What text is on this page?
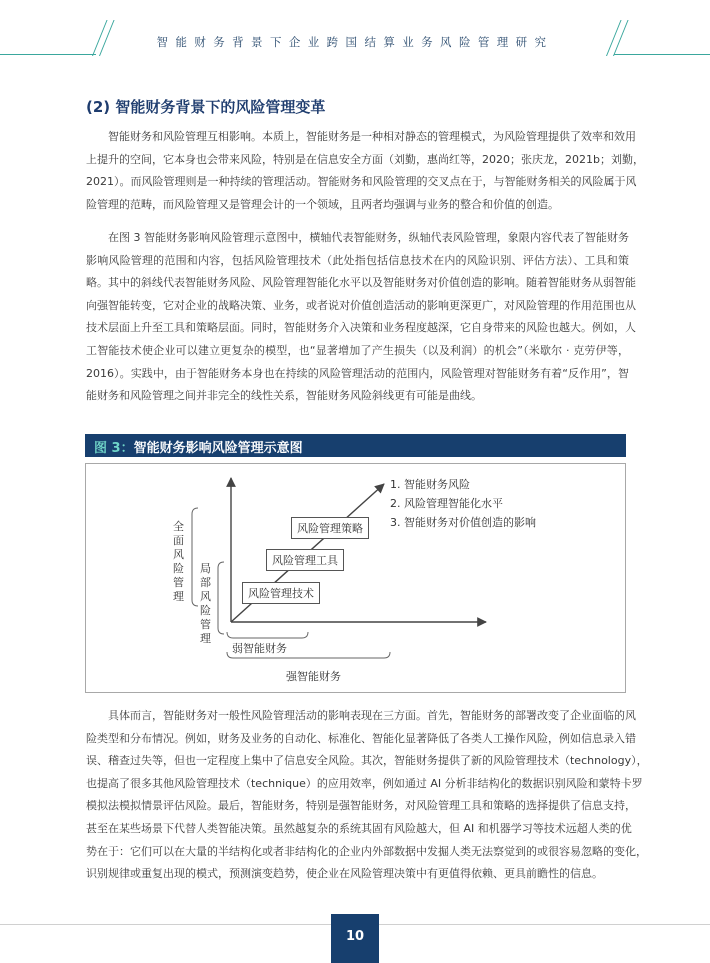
智能财务背景下企业跨国结算业务风险管理研究
(2) 智能财务背景下的风险管理变革
智能财务和风险管理互相影响。本质上，智能财务是一种相对静态的管理模式，为风险管理提供了效率和效用
上提升的空间，它本身也会带来风险，特别是在信息安全方面（刘勤，惠尚红等，2020；张庆龙，2021b；刘勤，
2021）。而风险管理则是一种持续的管理活动。智能财务和风险管理的交叉点在于，与智能财务相关的风险属于风
险管理的范畴，而风险管理又是管理会计的一个领域，且两者均强调与业务的整合和价值的创造。
在图 3 智能财务影响风险管理示意图中，横轴代表智能财务，纵轴代表风险管理，象限内容代表了智能财务
影响风险管理的范围和内容，包括风险管理技术（此处指包括信息技术在内的风险识别、评估方法）、工具和策
略。其中的斜线代表智能财务风险、风险管理智能化水平以及智能财务对价值创造的影响。随着智能财务从弱智能
向强智能转变，它对企业的战略决策、业务，或者说对价值创造活动的影响更深更广，对风险管理的作用范围也从
技术层面上升至工具和策略层面。同时，智能财务介入决策和业务程度越深，它自身带来的风险也越大。例如，人
工智能技术使企业可以建立更复杂的模型，也“显著增加了产生损失（以及利润）的机会”（米歇尔 · 克劳伊等，
2016）。实践中，由于智能财务本身也在持续的风险管理活动的范围内，风险管理对智能财务有着“反作用”，智
能财务和风险管理之间并非完全的线性关系，智能财务风险斜线更有可能是曲线。
图 3：智能财务影响风险管理示意图
1. 智能财务风险
2. 风险管理智能化水平
3. 智能财务对价值创造的影响
风险管理技术
风险管理工具
风险管理策略
全面风险管理
局部风险管理
弱智能财务
强智能财务
具体而言，智能财务对一般性风险管理活动的影响表现在三方面。首先，智能财务的部署改变了企业面临的风
险类型和分布情况。例如，财务及业务的自动化、标准化、智能化显著降低了各类人工操作风险，例如信息录入错
误、稽查过失等，但也一定程度上集中了信息安全风险。其次，智能财务提供了新的风险管理技术（technology），
也提高了很多其他风险管理技术（technique）的应用效率，例如通过 AI 分析非结构化的数据识别风险和蒙特卡罗
模拟法模拟情景评估风险。最后，智能财务，特别是强智能财务，对风险管理工具和策略的选择提供了信息支持，
甚至在某些场景下代替人类智能决策。虽然越复杂的系统其固有风险越大，但 AI 和机器学习等技术远超人类的优
势在于：它们可以在大量的半结构化或者非结构化的企业内外部数据中发掘人类无法察觉到的或很容易忽略的变化，
识别规律或重复出现的模式，预测演变趋势，使企业在风险管理决策中有更值得依赖、更具前瞻性的信息。
10
